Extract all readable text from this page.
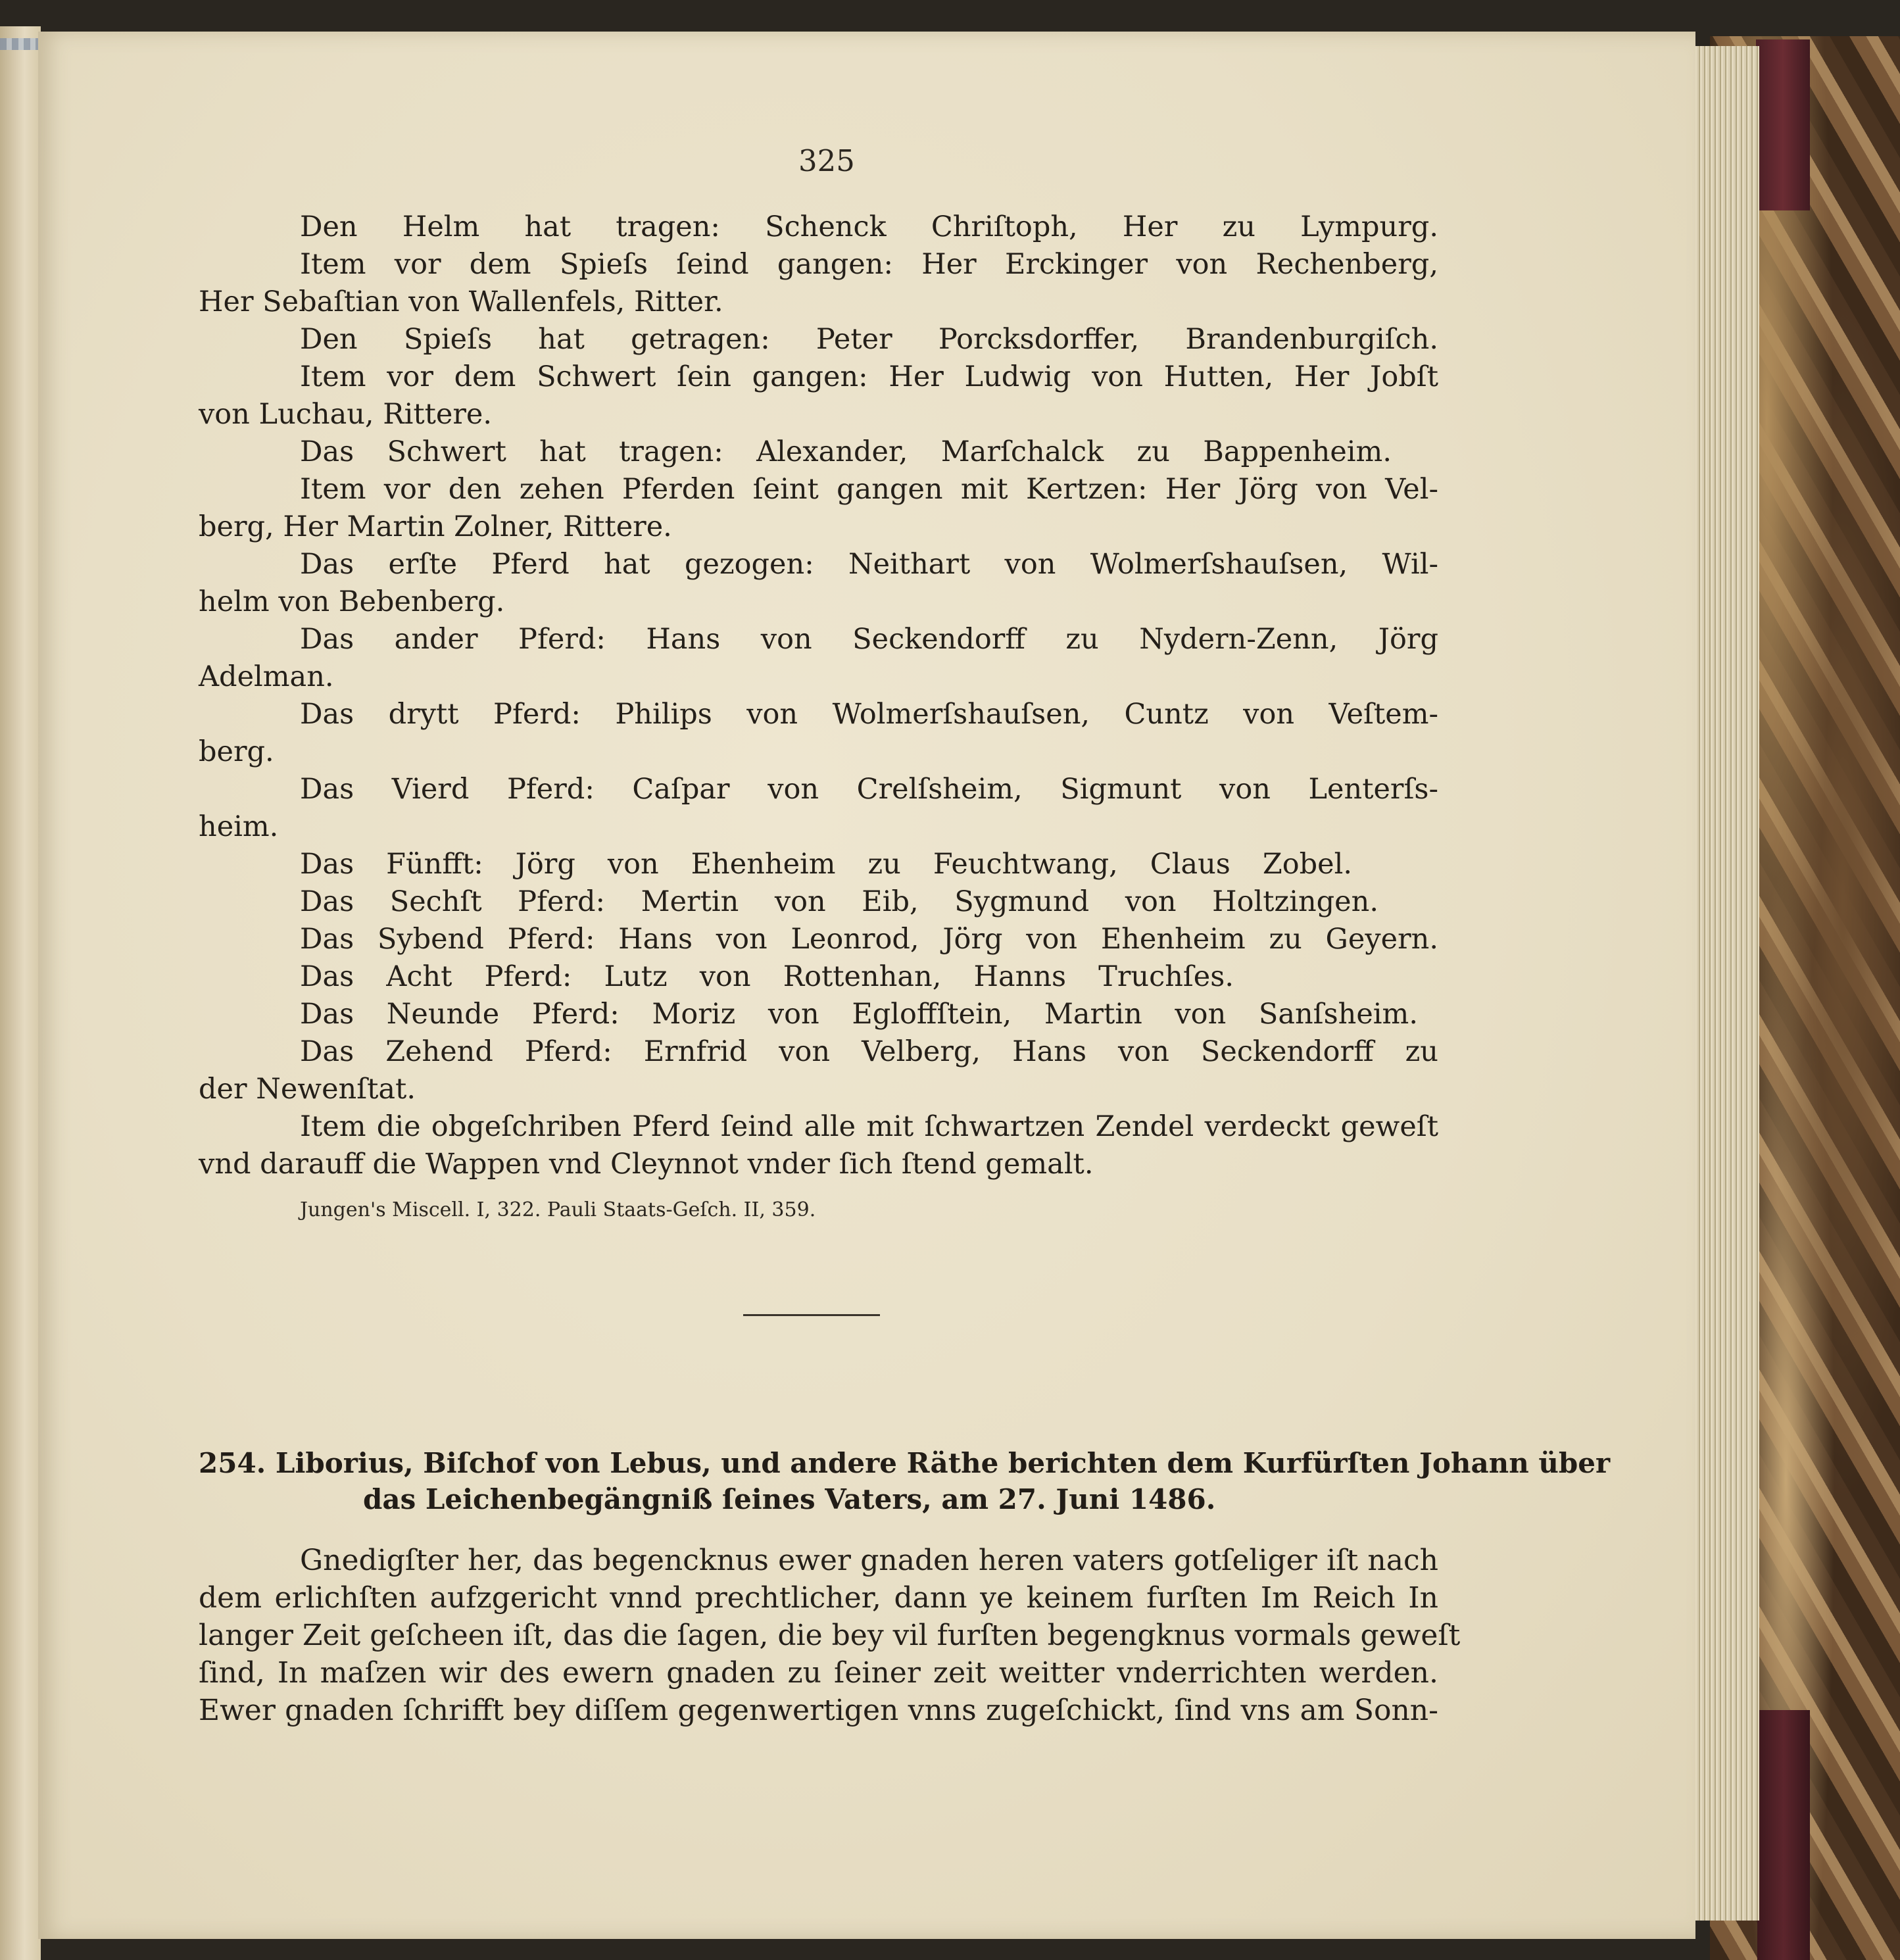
325
Den Helm hat tragen: Schenck Chriſtoph, Her zu Lympurg.
Item vor dem Spieſs ſeind gangen: Her Erckinger von Rechenberg,
Her Sebaſtian von Wallenfels, Ritter.
Den Spieſs hat getragen: Peter Porcksdorffer, Brandenburgiſch.
Item vor dem Schwert ſein gangen: Her Ludwig von Hutten, Her Jobſt
von Luchau, Rittere.
Das Schwert hat tragen: Alexander, Marſchalck zu Bappenheim.
Item vor den zehen Pferden ſeint gangen mit Kertzen: Her Jörg von Vel-
berg, Her Martin Zolner, Rittere.
Das erſte Pferd hat gezogen: Neithart von Wolmerſshauſsen, Wil-
helm von Bebenberg.
Das ander Pferd: Hans von Seckendorff zu Nydern-Zenn, Jörg
Adelman.
Das drytt Pferd: Philips von Wolmerſshauſsen, Cuntz von Veſtem-
berg.
Das Vierd Pferd: Caſpar von Crelſsheim, Sigmunt von Lenterſs-
heim.
Das Fünfft: Jörg von Ehenheim zu Feuchtwang, Claus Zobel.
Das Sechſt Pferd: Mertin von Eib, Sygmund von Holtzingen.
Das Sybend Pferd: Hans von Leonrod, Jörg von Ehenheim zu Geyern.
Das Acht Pferd: Lutz von Rottenhan, Hanns Truchſes.
Das Neunde Pferd: Moriz von Egloffſtein, Martin von Sanſsheim.
Das Zehend Pferd: Ernfrid von Velberg, Hans von Seckendorff zu
der Newenſtat.
Item die obgeſchriben Pferd ſeind alle mit ſchwartzen Zendel verdeckt geweſt
vnd darauff die Wappen vnd Cleynnot vnder ſich ſtend gemalt.
Jungen's Miscell. I, 322. Pauli Staats-Geſch. II, 359.
254. Liborius, Biſchof von Lebus, und andere Räthe berichten dem Kurfürſten Johann über
das Leichenbegängniß ſeines Vaters, am 27. Juni 1486.
Gnedigſter her, das begencknus ewer gnaden heren vaters gotſeliger iſt nach
dem erlichſten aufzgericht vnnd prechtlicher, dann ye keinem furſten Im Reich In
langer Zeit geſcheen iſt, das die ſagen, die bey vil furſten begengknus vormals geweſt
ſind, In maſzen wir des ewern gnaden zu ſeiner zeit weitter vnderrichten werden.
Ewer gnaden ſchrifft bey diſſem gegenwertigen vnns zugeſchickt, ſind vns am Sonn-
